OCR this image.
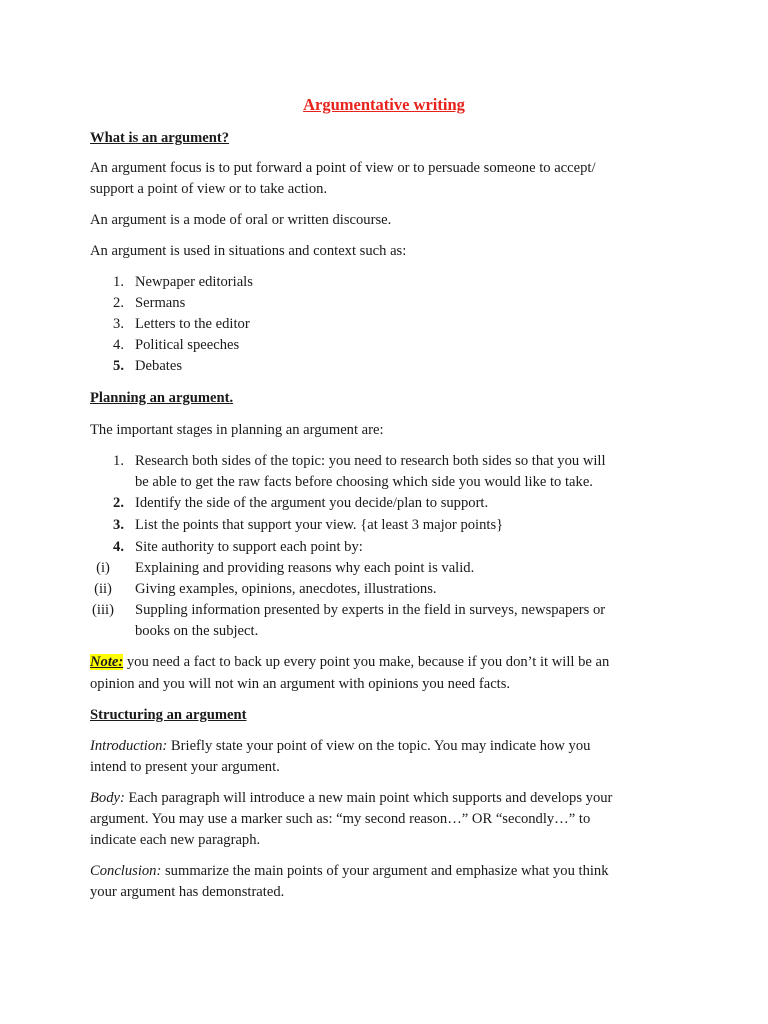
Argumentative writing
What is an argument?
An argument focus is to put forward a point of view or to persuade someone to accept/
support a point of view or to take action.
An argument is a mode of oral or written discourse.
An argument is used in situations and context such as:
1. Newpaper editorials
2. Sermans
3. Letters to the editor
4. Political speeches
5. Debates
Planning an argument.
The important stages in planning an argument are:
1. Research both sides of the topic: you need to research both sides so that you will
be able to get the raw facts before choosing which side you would like to take.
2. Identify the side of the argument you decide/plan to support.
3. List the points that support your view. {at least 3 major points}
4. Site authority to support each point by:
(i)	Explaining and providing reasons why each point is valid.
(ii)	Giving examples, opinions, anecdotes, illustrations.
(iii) Suppling information presented by experts in the field in surveys, newspapers or
books on the subject.
Note: you need a fact to back up every point you make, because if you don’t it will be an
opinion and you will not win an argument with opinions you need facts.
Structuring an argument
Introduction: Briefly state your point of view on the topic. You may indicate how you
intend to present your argument.
Body: Each paragraph will introduce a new main point which supports and develops your
argument. You may use a marker such as: “my second reason…” OR “secondly…” to
indicate each new paragraph.
Conclusion: summarize the main points of your argument and emphasize what you think
your argument has demonstrated.
